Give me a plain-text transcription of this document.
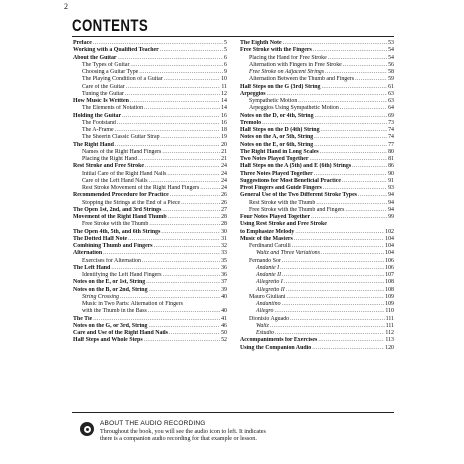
2
CONTENTS
Preface .....	5
Working with a Qualified Teacher .....	5
About the Guitar .....	6
The Types of Guitar .....	6
Choosing a Guitar Type .....	9
The Playing Condition of a Guitar .....	10
Care of the Guitar .....	11
Tuning the Guitar .....	12
How Music Is Written .....	14
The Elements of Notation .....	14
Holding the Guitar .....	16
The Footstand .....	16
The A-Frame .....	18
The Sheerin Classic Guitar Strap .....	19
The Right Hand .....	20
Names of the Right Hand Fingers .....	21
Placing the Right Hand .....	21
Rest Stroke and Free Stroke .....	24
Initial Care of the Right Hand Nails .....	24
Care of the Left Hand Nails .....	24
Rest Stroke Movement of the Right Hand Fingers .....	24
Recommended Procedure for Practice .....	26
Stopping the Strings at the End of a Piece .....	26
The Open 1st, 2nd, and 3rd Strings .....	27
Movement of the Right Hand Thumb .....	28
Free Stroke with the Thumb .....	28
The Open 4th, 5th, and 6th Strings .....	30
The Dotted Half Note .....	31
Combining Thumb and Fingers .....	32
Alternation .....	33
Exercises for Alternation .....	35
The Left Hand .....	36
Identifying the Left Hand Fingers .....	36
Notes on the E, or 1st, String .....	37
Notes on the B, or 2nd, String .....	39
String Crossing .....	40
Music in Two Parts: Alternation of Fingers
with the Thumb in the Bass .....	40
The Tie .....	41
Notes on the G, or 3rd, String .....	46
Care and Use of the Right Hand Nails .....	50
Half Steps and Whole Steps .....	52
The Eighth Note .....	53
Free Stroke with the Fingers .....	54
Placing the Hand for Free Stroke .....	54
Alternation with Fingers in Free Stroke .....	56
Free Stroke on Adjacent Strings .....	58
Alternation Between the Thumb and Fingers .....	59
Half Steps on the G (3rd) String .....	61
Arpeggios .....	63
Sympathetic Motion .....	63
Arpeggios Using Sympathetic Motion .....	64
Notes on the D, or 4th, String .....	69
Tremolo .....	73
Half Steps on the D (4th) String .....	74
Notes on the A, or 5th, String .....	74
Notes on the E, or 6th, String .....	77
The Right Hand in Long Scales .....	80
Two Notes Played Together .....	81
Half Steps on the A (5th) and E (6th) Strings .....	86
Three Notes Played Together .....	90
Suggestions for Most Beneficial Practice .....	91
Pivot Fingers and Guide Fingers .....	93
General Use of the Two Different Stroke Types .....	94
Rest Stroke with the Thumb .....	94
Free Stroke with the Thumb and Fingers .....	94
Four Notes Played Together .....	99
Using Rest Stroke and Free Stroke
to Emphasize Melody .....	102
Music of the Masters .....	104
Ferdinand Carulli .....	104
Waltz and Three Variations .....	104
Fernando Sor .....	106
Andante I .....	106
Andante II .....	107
Allegretto I .....	108
Allegretto II .....	108
Mauro Giuliani .....	109
Andantino .....	109
Allegro .....	110
Dionisio Aguado .....	111
Waltz .....	111
Estudio .....	112
Accompaniments for Exercises .....	113
Using the Companion Audio .....	120
ABOUT THE AUDIO RECORDING
Throughout the book, you will see the audio icon to left. It indicates
there is a companion audio recording for that example or lesson.
